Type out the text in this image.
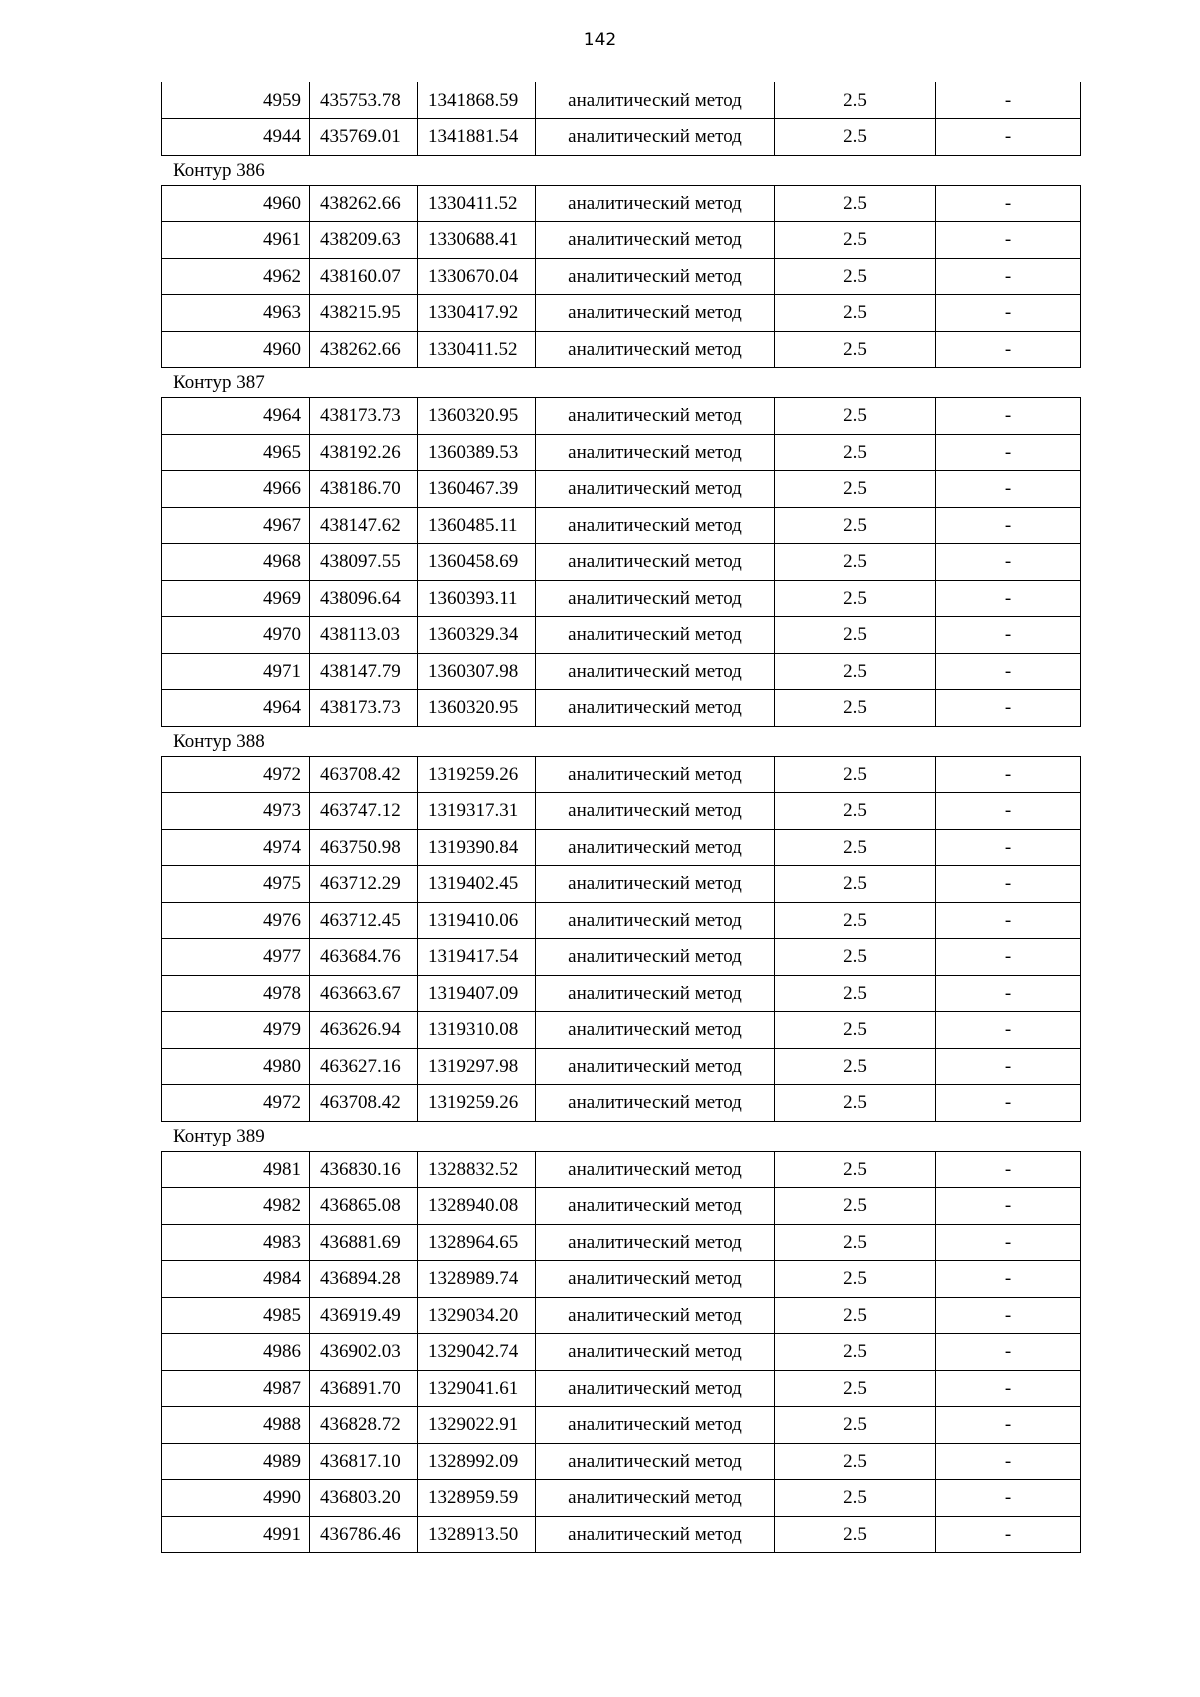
142
4959	435753.78	1341868.59	аналитический метод	2.5	-
4944	435769.01	1341881.54	аналитический метод	2.5	-
Контур 386
4960	438262.66	1330411.52	аналитический метод	2.5	-
4961	438209.63	1330688.41	аналитический метод	2.5	-
4962	438160.07	1330670.04	аналитический метод	2.5	-
4963	438215.95	1330417.92	аналитический метод	2.5	-
4960	438262.66	1330411.52	аналитический метод	2.5	-
Контур 387
4964	438173.73	1360320.95	аналитический метод	2.5	-
4965	438192.26	1360389.53	аналитический метод	2.5	-
4966	438186.70	1360467.39	аналитический метод	2.5	-
4967	438147.62	1360485.11	аналитический метод	2.5	-
4968	438097.55	1360458.69	аналитический метод	2.5	-
4969	438096.64	1360393.11	аналитический метод	2.5	-
4970	438113.03	1360329.34	аналитический метод	2.5	-
4971	438147.79	1360307.98	аналитический метод	2.5	-
4964	438173.73	1360320.95	аналитический метод	2.5	-
Контур 388
4972	463708.42	1319259.26	аналитический метод	2.5	-
4973	463747.12	1319317.31	аналитический метод	2.5	-
4974	463750.98	1319390.84	аналитический метод	2.5	-
4975	463712.29	1319402.45	аналитический метод	2.5	-
4976	463712.45	1319410.06	аналитический метод	2.5	-
4977	463684.76	1319417.54	аналитический метод	2.5	-
4978	463663.67	1319407.09	аналитический метод	2.5	-
4979	463626.94	1319310.08	аналитический метод	2.5	-
4980	463627.16	1319297.98	аналитический метод	2.5	-
4972	463708.42	1319259.26	аналитический метод	2.5	-
Контур 389
4981	436830.16	1328832.52	аналитический метод	2.5	-
4982	436865.08	1328940.08	аналитический метод	2.5	-
4983	436881.69	1328964.65	аналитический метод	2.5	-
4984	436894.28	1328989.74	аналитический метод	2.5	-
4985	436919.49	1329034.20	аналитический метод	2.5	-
4986	436902.03	1329042.74	аналитический метод	2.5	-
4987	436891.70	1329041.61	аналитический метод	2.5	-
4988	436828.72	1329022.91	аналитический метод	2.5	-
4989	436817.10	1328992.09	аналитический метод	2.5	-
4990	436803.20	1328959.59	аналитический метод	2.5	-
4991	436786.46	1328913.50	аналитический метод	2.5	-
